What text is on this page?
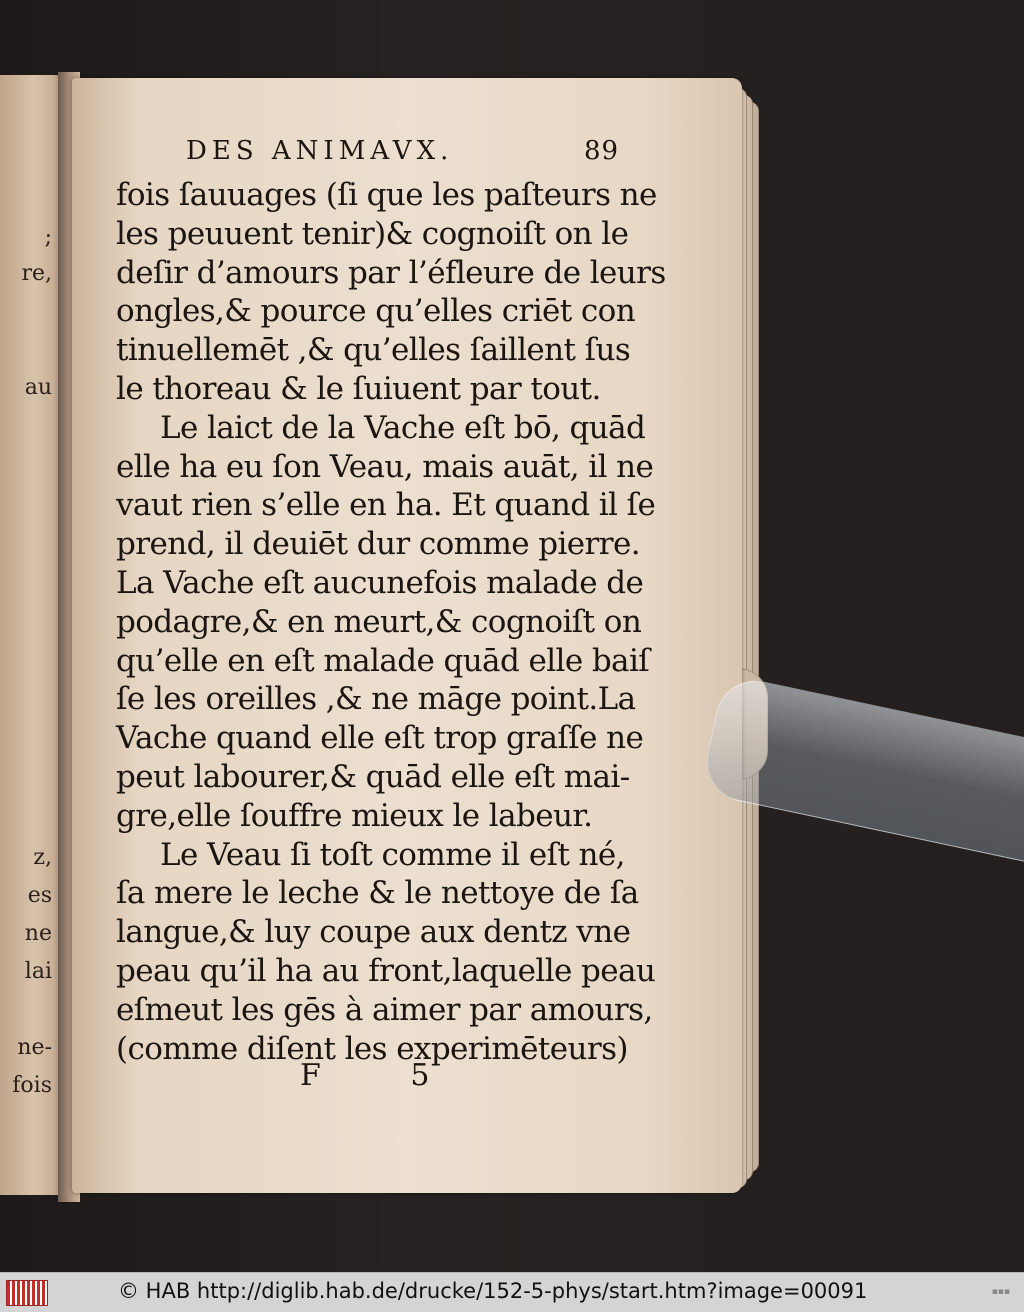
;
re,
au
z,
es
ne
lai
ne-
fois
DES ANIMAVX.	89
fois ſauuages (ſi que les paſteurs ne
les peuuent tenir)& cognoiſt on le
deſir d’amours par l’éfleure de leurs
ongles,& pource qu’elles criēt con
tinuellemēt ,& qu’elles ſaillent ſus
le thoreau & le ſuiuent par tout.
Le laict de la Vache eſt bō, quād
elle ha eu ſon Veau, mais auāt, il ne
vaut rien s’elle en ha. Et quand il ſe
prend, il deuiēt dur comme pierre.
La Vache eſt aucunefois malade de
podagre,& en meurt,& cognoiſt on
qu’elle en eſt malade quād elle baiſ
ſe les oreilles ,& ne māge point.La
Vache quand elle eſt trop graſſe ne
peut labourer,& quād elle eſt mai-
gre,elle ſouffre mieux le labeur.
Le Veau ſi toſt comme il eſt né,
ſa mere le leche & le nettoye de ſa
langue,& luy coupe aux dentz vne
peau qu’il ha au front,laquelle peau
eſmeut les gēs à aimer par amours,
(comme diſent les experimēteurs)
F 5
© HAB http://diglib.hab.de/drucke/152-5-phys/start.htm?image=00091	▪▪▪
